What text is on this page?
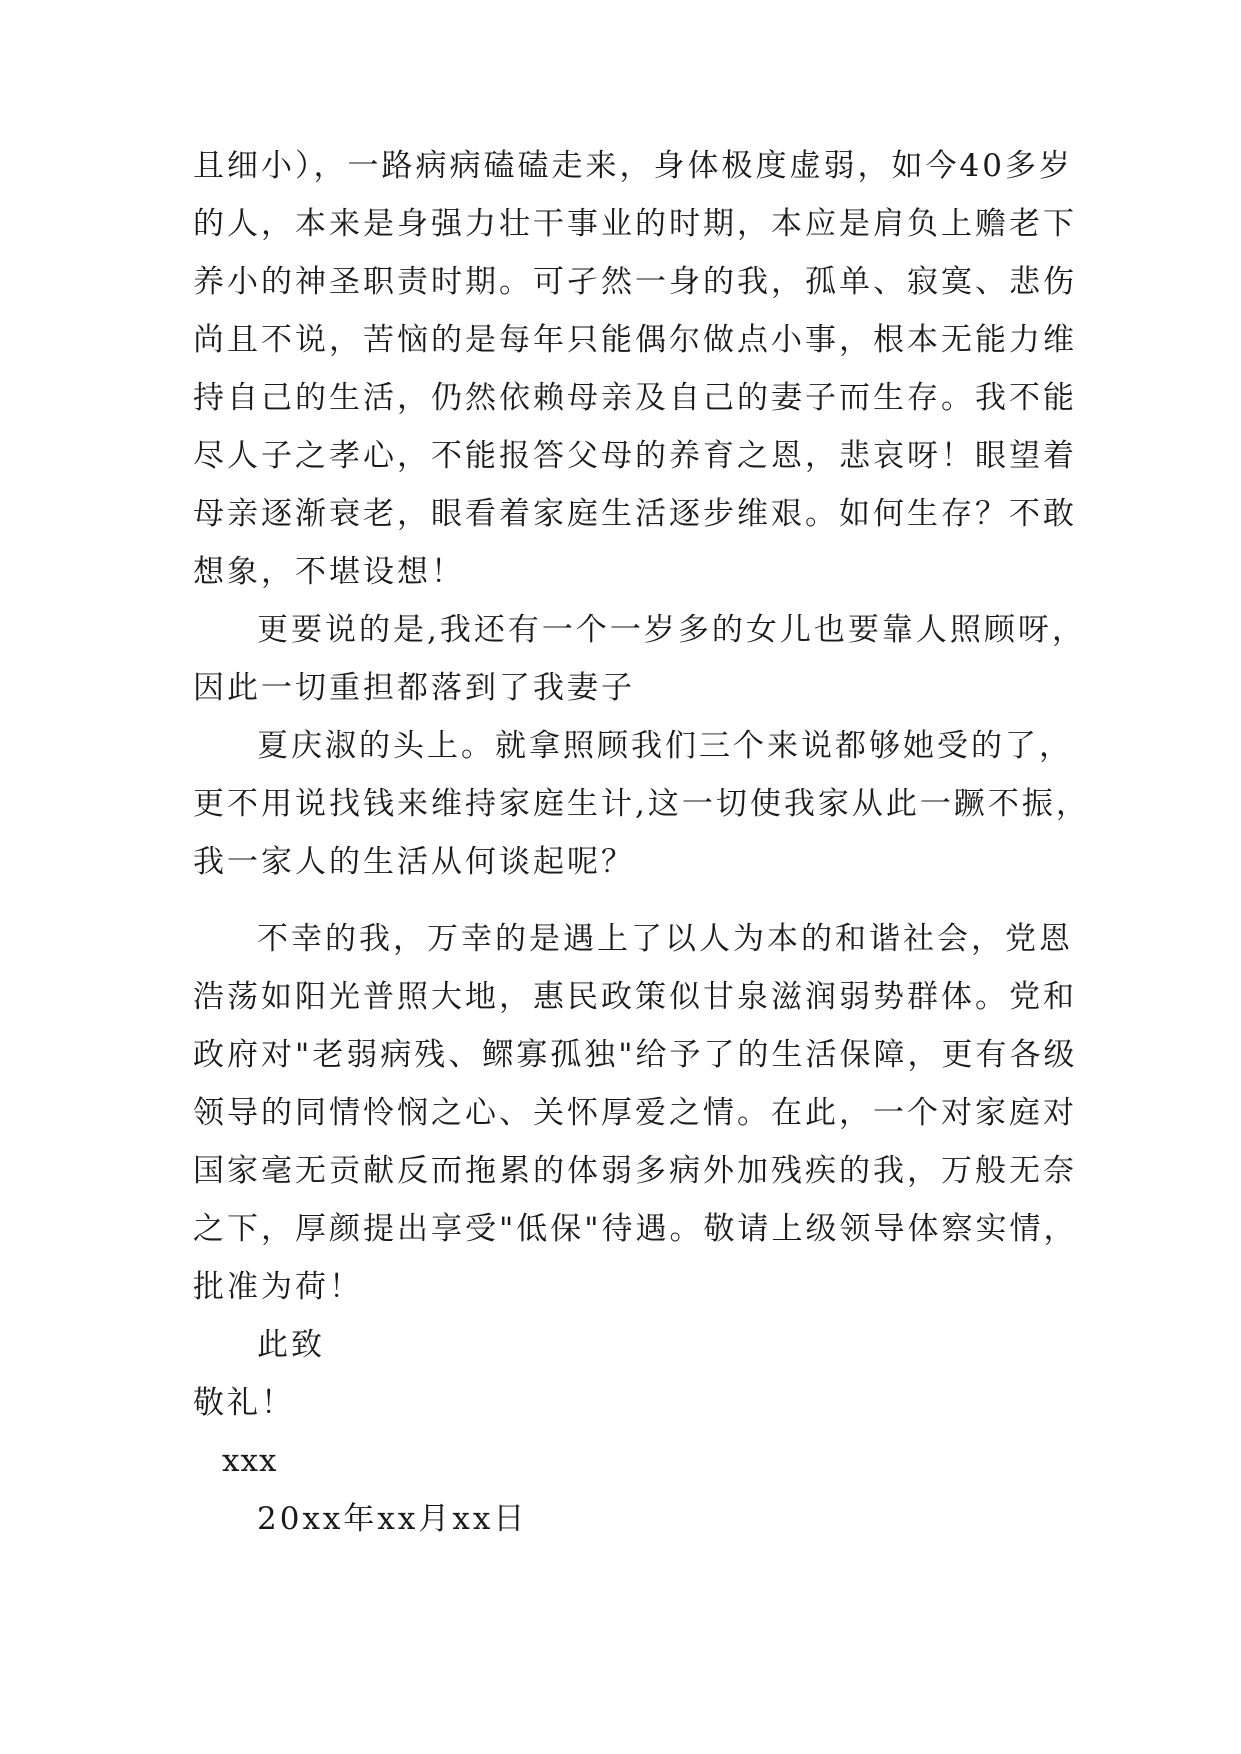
且细小），一路病病磕磕走来，身体极度虚弱，如今40多岁
的人，本来是身强力壮干事业的时期，本应是肩负上赡老下
养小的神圣职责时期。可孑然一身的我，孤单、寂寞、悲伤
尚且不说，苦恼的是每年只能偶尔做点小事，根本无能力维
持自己的生活，仍然依赖母亲及自己的妻子而生存。我不能
尽人子之孝心，不能报答父母的养育之恩，悲哀呀！眼望着
母亲逐渐衰老，眼看着家庭生活逐步维艰。如何生存？不敢
想象，不堪设想！
更要说的是,我还有一个一岁多的女儿也要靠人照顾呀，
因此一切重担都落到了我妻子
夏庆淑的头上。就拿照顾我们三个来说都够她受的了，
更不用说找钱来维持家庭生计,这一切使我家从此一蹶不振，
我一家人的生活从何谈起呢？
不幸的我，万幸的是遇上了以人为本的和谐社会，党恩
浩荡如阳光普照大地，惠民政策似甘泉滋润弱势群体。党和
政府对"老弱病残、鳏寡孤独"给予了的生活保障，更有各级
领导的同情怜悯之心、关怀厚爱之情。在此，一个对家庭对
国家毫无贡献反而拖累的体弱多病外加残疾的我，万般无奈
之下，厚颜提出享受"低保"待遇。敬请上级领导体察实情，
批准为荷！
此致
敬礼！
xxx
20xx年xx月xx日
